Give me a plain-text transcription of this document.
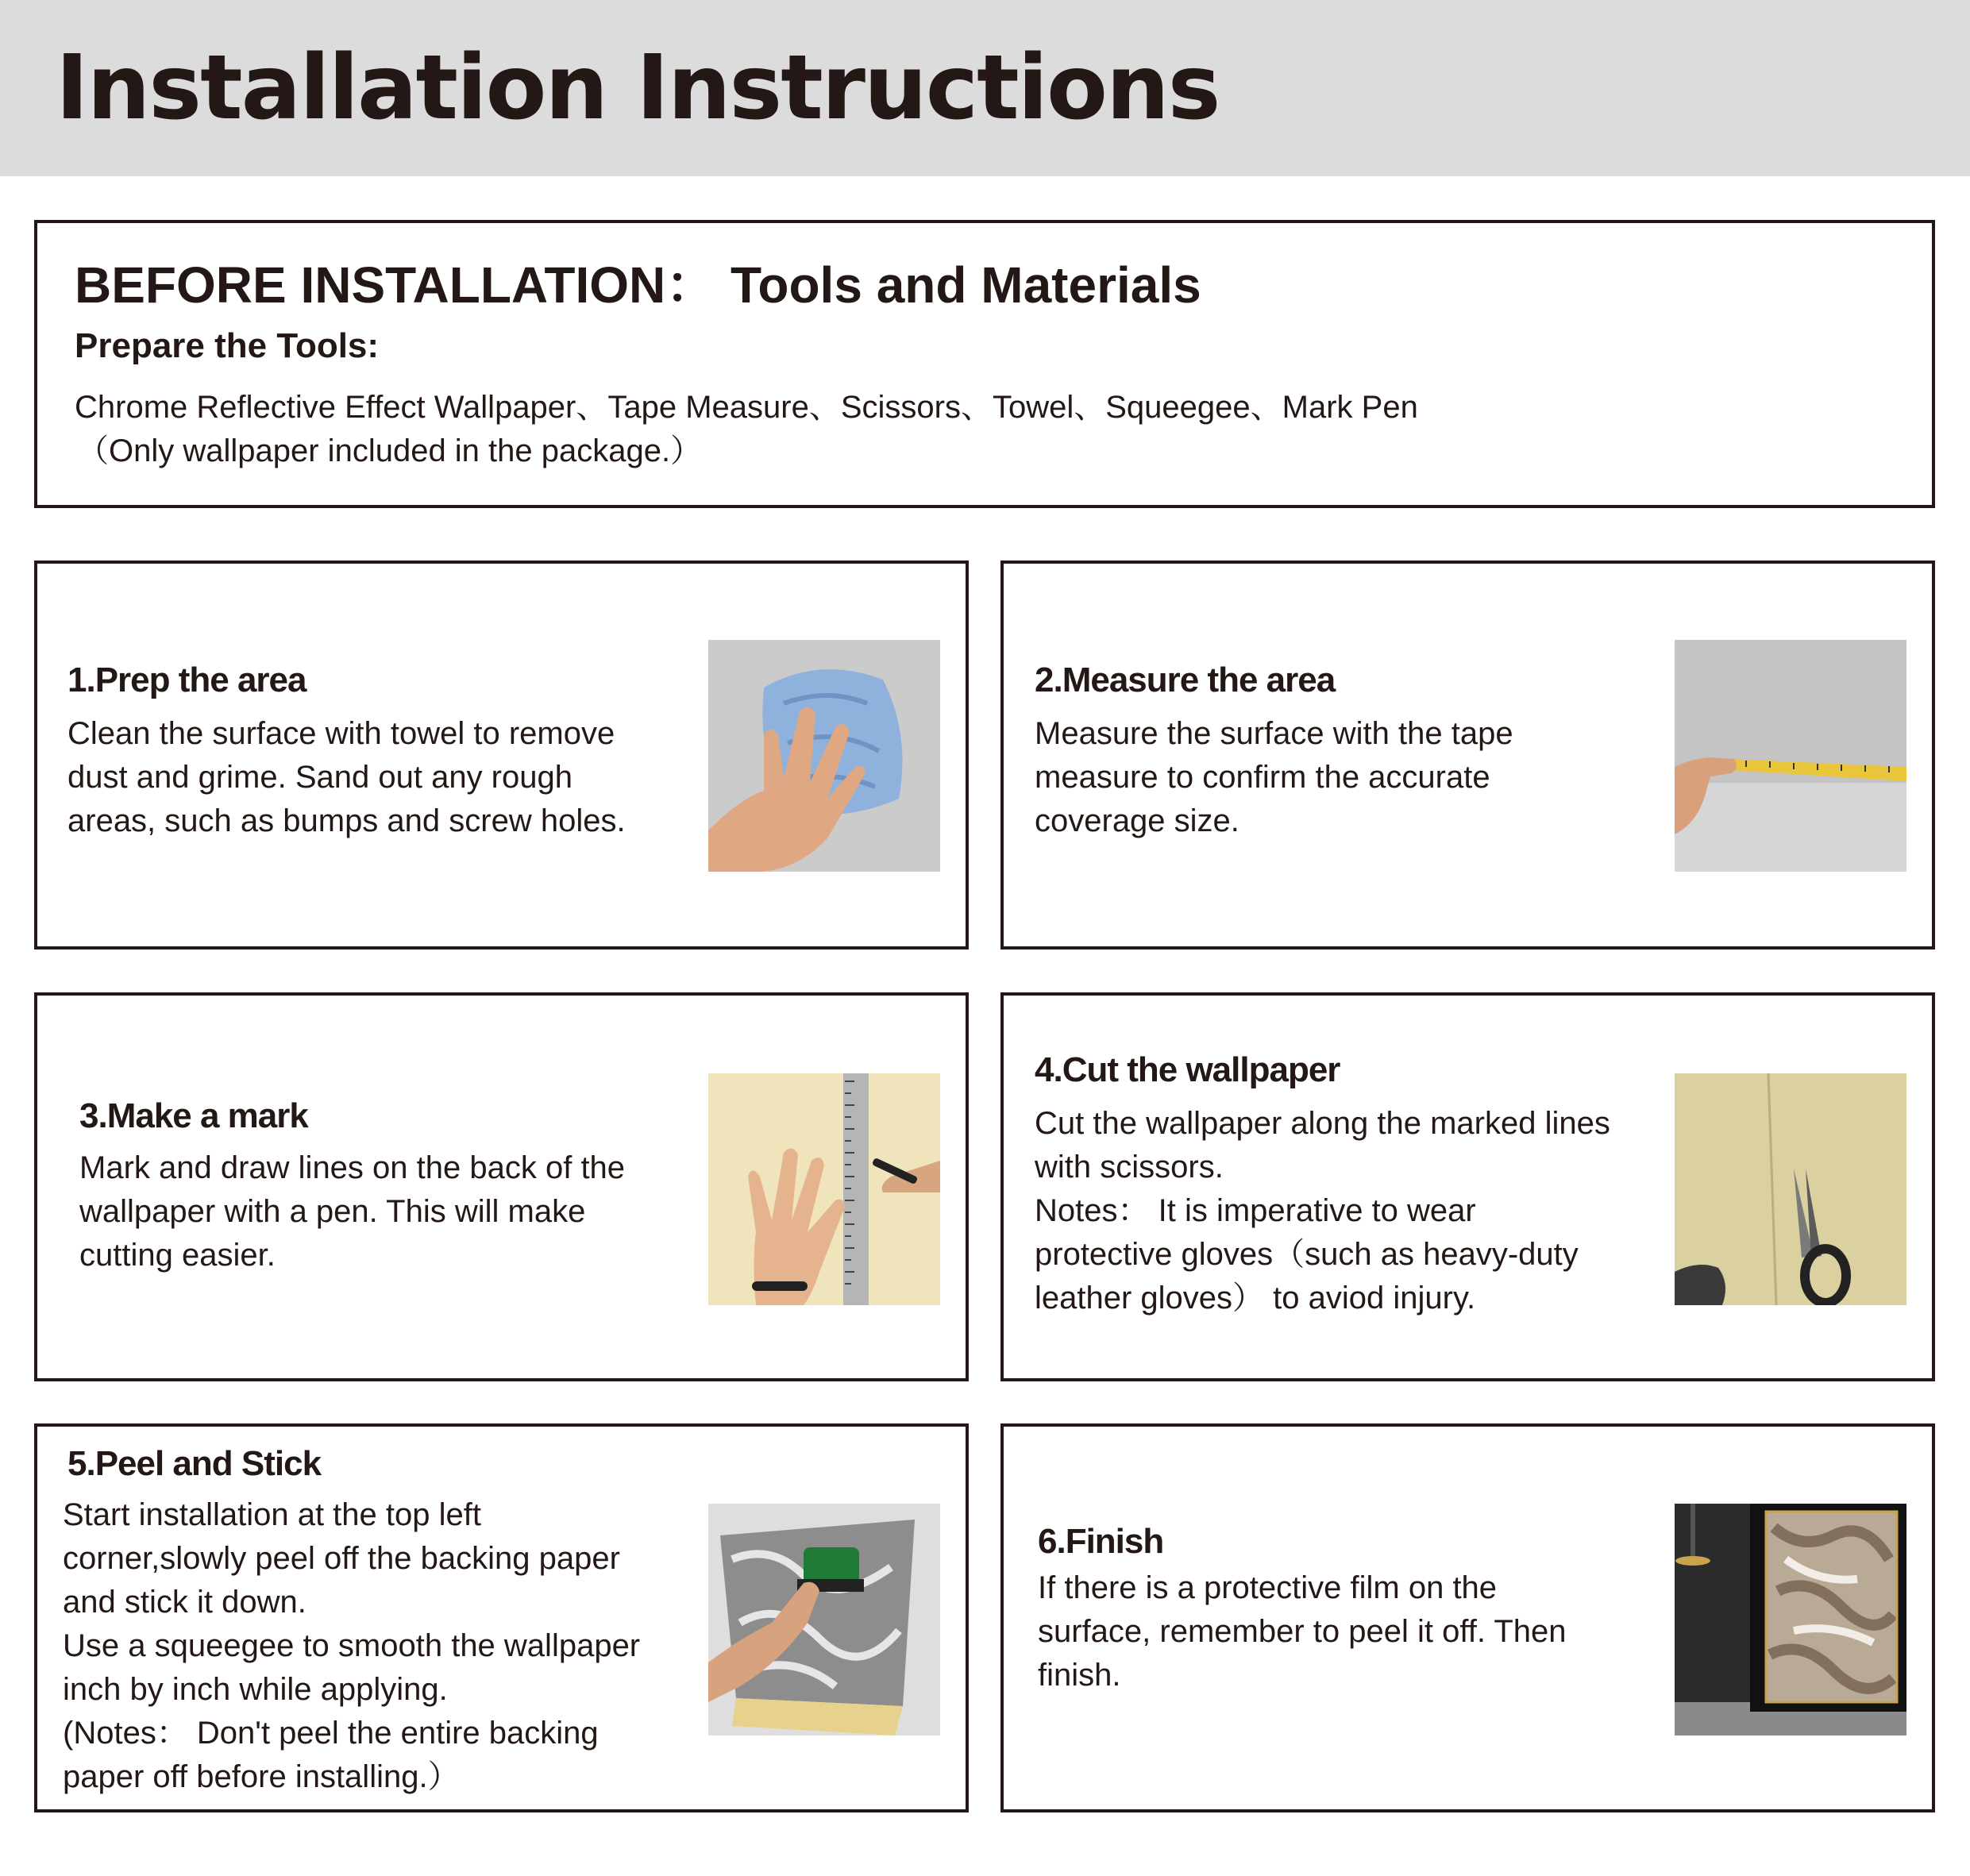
Installation Instructions
BEFORE INSTALLATION： Tools and Materials
Prepare the Tools:
Chrome Reflective Effect Wallpaper、Tape Measure、Scissors、Towel、Squeegee、Mark Pen
（Only wallpaper included in the package.）
1.Prep the area
Clean the surface with towel to remove
dust and grime. Sand out any rough
areas, such as bumps and screw holes.
2.Measure the area
Measure the surface with the tape
measure to confirm the accurate
coverage size.
3.Make a mark
Mark and draw lines on the back of the
wallpaper with a pen. This will make
cutting easier.
4.Cut the wallpaper
Cut the wallpaper along the marked lines
with scissors.
Notes： It is imperative to wear
protective gloves（such as heavy-duty
leather gloves） to aviod injury.
5.Peel and Stick
Start installation at the top left
corner,slowly peel off the backing paper
and stick it down.
Use a squeegee to smooth the wallpaper
inch by inch while applying.
(Notes： Don't peel the entire backing
paper off before installing.）
6.Finish
If there is a protective film on the
surface, remember to peel it off. Then
finish.
